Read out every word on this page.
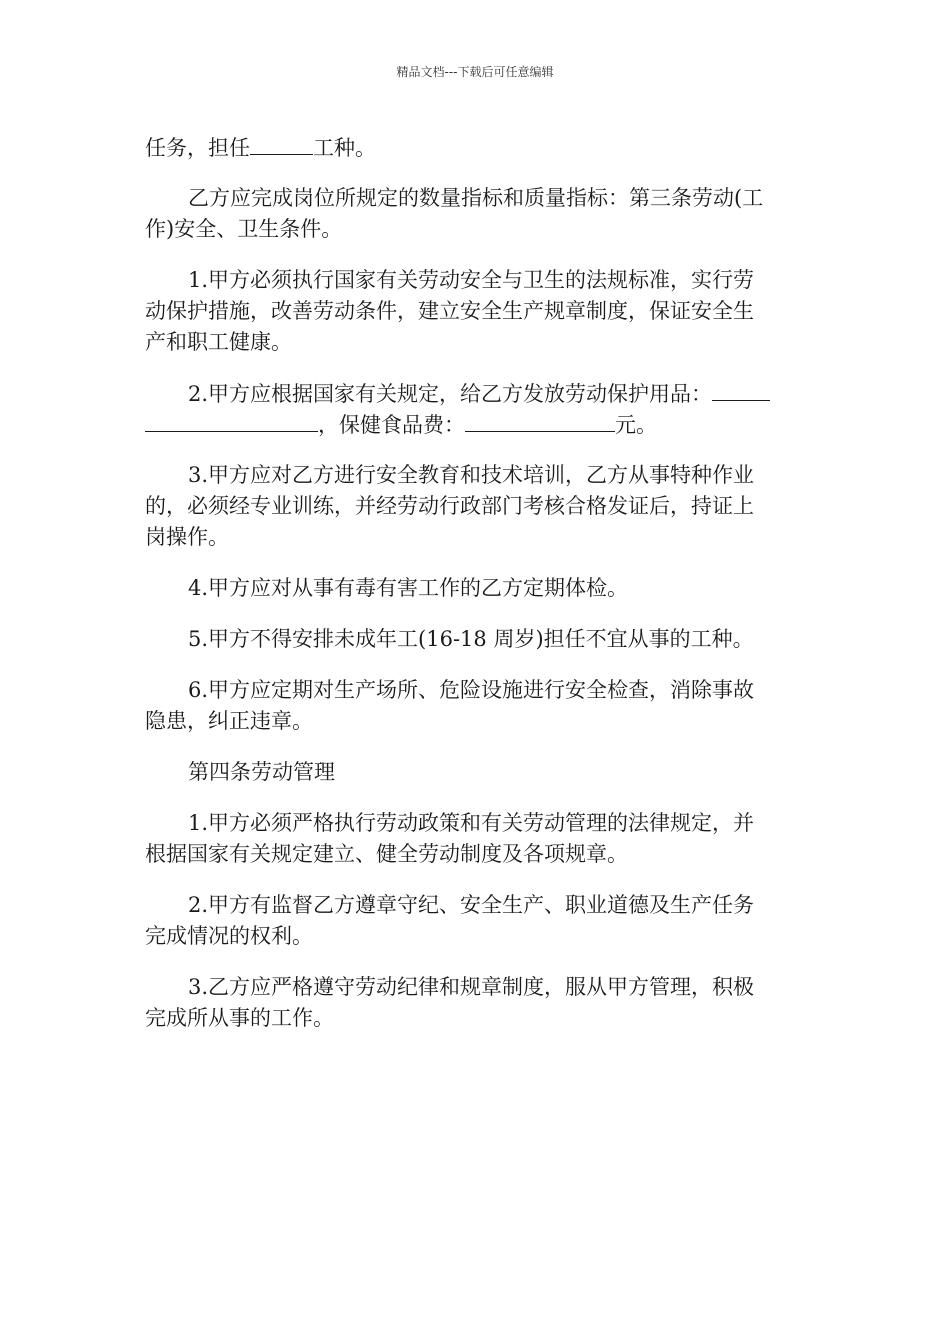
精品文档---下载后可任意编辑
任务，担任	工种。
乙方应完成岗位所规定的数量指标和质量指标：第三条劳动(工
作)安全、卫生条件。
1.甲方必须执行国家有关劳动安全与卫生的法规标准，实行劳
动保护措施，改善劳动条件，建立安全生产规章制度，保证安全生
产和职工健康。
2.甲方应根据国家有关规定，给乙方发放劳动保护用品：
，保健食品费：	元。
3.甲方应对乙方进行安全教育和技术培训，乙方从事特种作业
的，必须经专业训练，并经劳动行政部门考核合格发证后，持证上
岗操作。
4.甲方应对从事有毒有害工作的乙方定期体检。
5.甲方不得安排未成年工(16-18 周岁)担任不宜从事的工种。
6.甲方应定期对生产场所、危险设施进行安全检查，消除事故
隐患，纠正违章。
第四条劳动管理
1.甲方必须严格执行劳动政策和有关劳动管理的法律规定，并
根据国家有关规定建立、健全劳动制度及各项规章。
2.甲方有监督乙方遵章守纪、安全生产、职业道德及生产任务
完成情况的权利。
3.乙方应严格遵守劳动纪律和规章制度，服从甲方管理，积极
完成所从事的工作。
